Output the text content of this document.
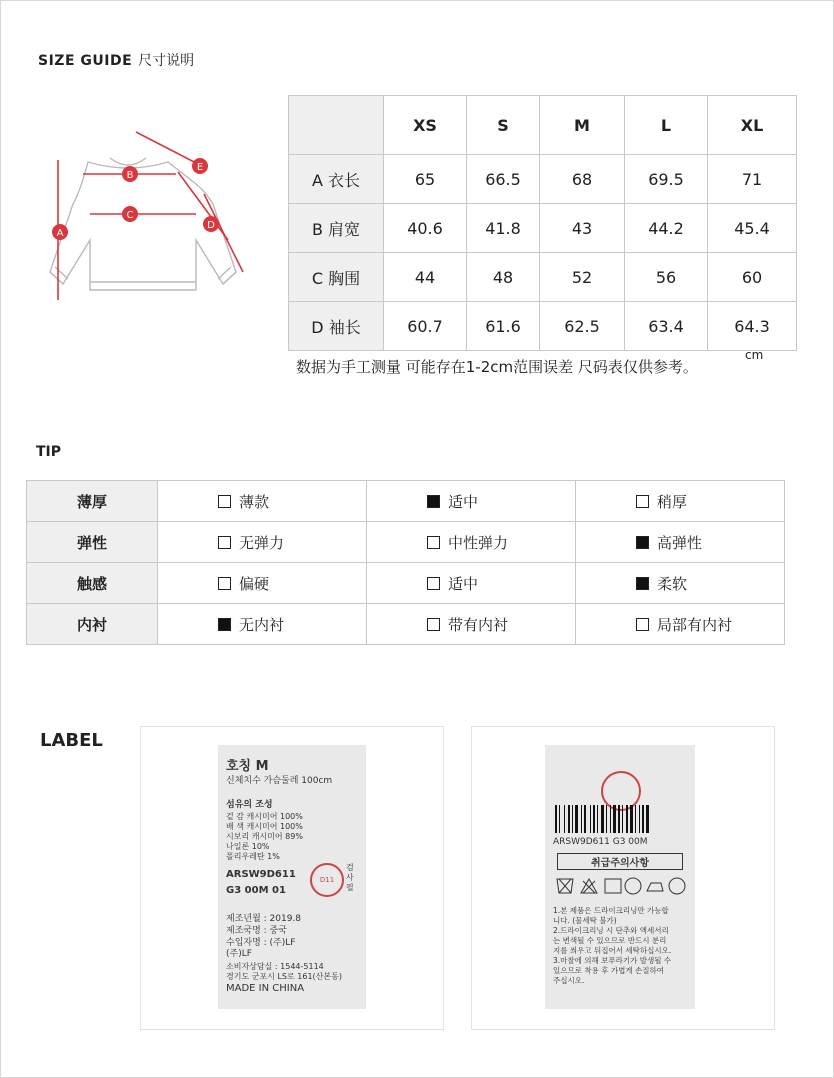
SIZE GUIDE 尺寸说明
A
B
C
D
E
	XS	S	M	L	XL
A 衣长	65	66.5	68	69.5	71
B 肩宽	40.6	41.8	43	44.2	45.4
C 胸围	44	48	52	56	60
D 袖长	60.7	61.6	62.5	63.4	64.3
数据为手工测量 可能存在1-2cm范围误差 尺码表仅供参考。
cm
TIP
薄厚	薄款	适中	稍厚
弹性	无弹力	中性弹力	高弹性
触感	偏硬	适中	柔软
内衬	无内衬	带有内衬	局部有内衬
LABEL
호칭 M
신체치수 가슴둘레 100cm
섬유의 조성
겉 감 캐시미어 100%
배 색 캐시미어 100%
시보리 캐시미어 89%
나일론 10%
폴리우레탄 1%
ARSW9D611
G3 00M 01
D11
검사필
제조년월 : 2019.8
제조국명 : 중국
수입자명 : (주)LF
(주)LF
소비자상담실 : 1544-5114
경기도 군포시 LS로 161(산본동)
MADE IN CHINA
ARSW9D611 G3 00M
취급주의사항
1.본 제품은 드라이크리닝만 가능합
니다. (물세탁 불가)
2.드라이크리닝 시 단추와 액세서리
는 변색될 수 있으므로 반드시 분리
지를 씌우고 뒤집어서 세탁하십시오.
3.마찰에 의해 보푸라기가 발생될 수
있으므로 착용 후 가볍게 손질하여
주십시오.
